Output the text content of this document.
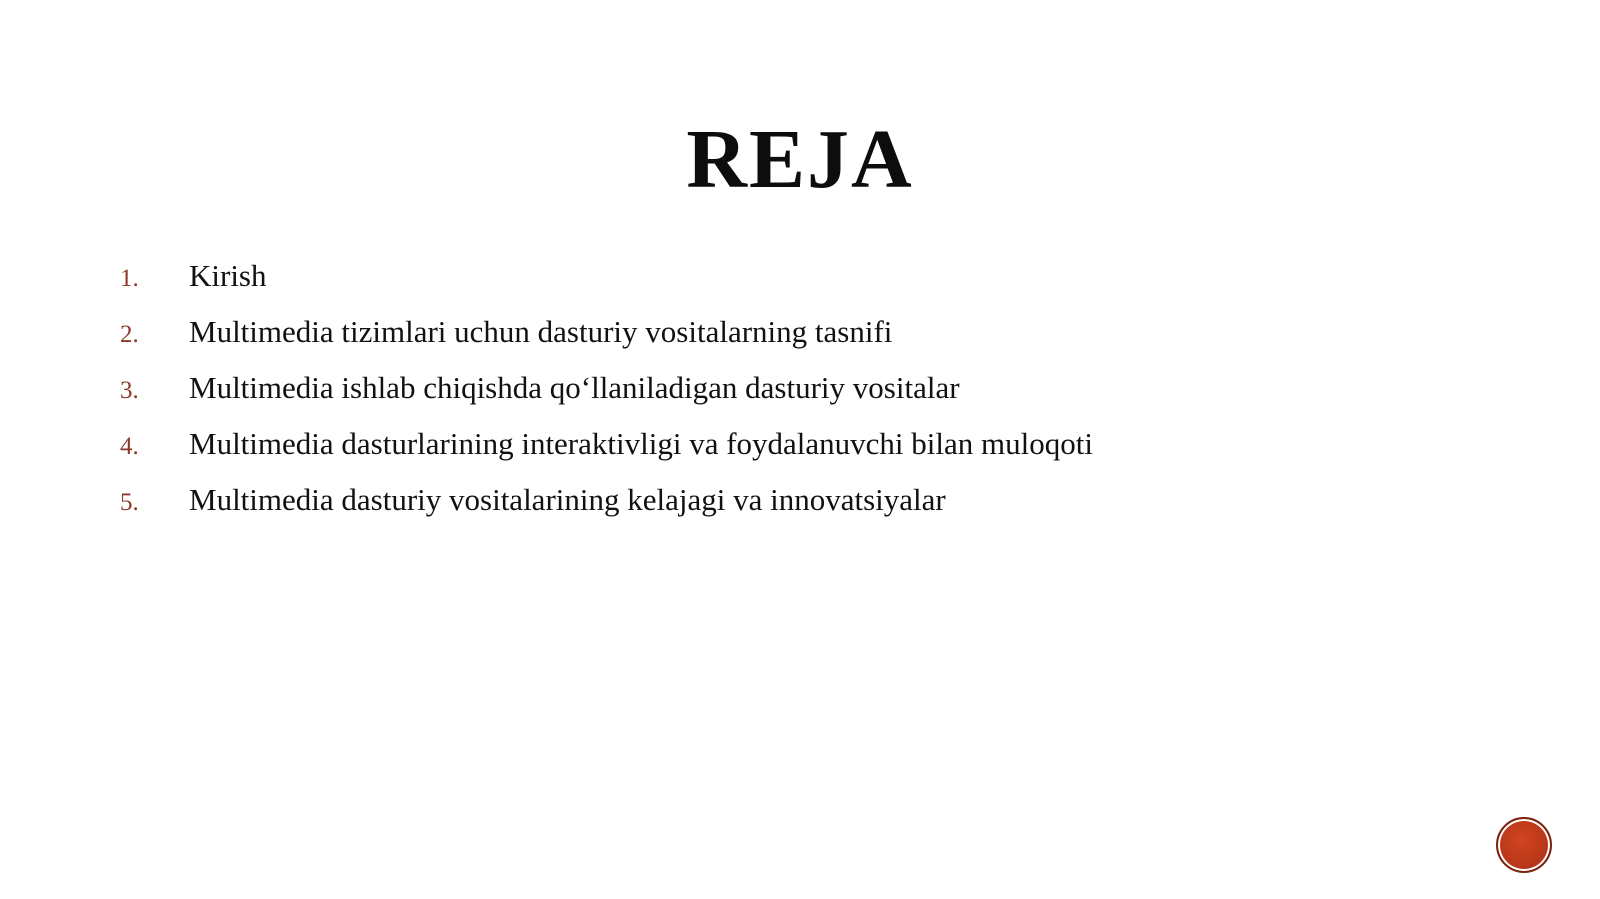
REJA
1.	Kirish
2.	Multimedia tizimlari uchun dasturiy vositalarning tasnifi
3.	Multimedia ishlab chiqishda qo‘llaniladigan dasturiy vositalar
4.	Multimedia dasturlarining interaktivligi va foydalanuvchi bilan muloqoti
5.	Multimedia dasturiy vositalarining kelajagi va innovatsiyalar
